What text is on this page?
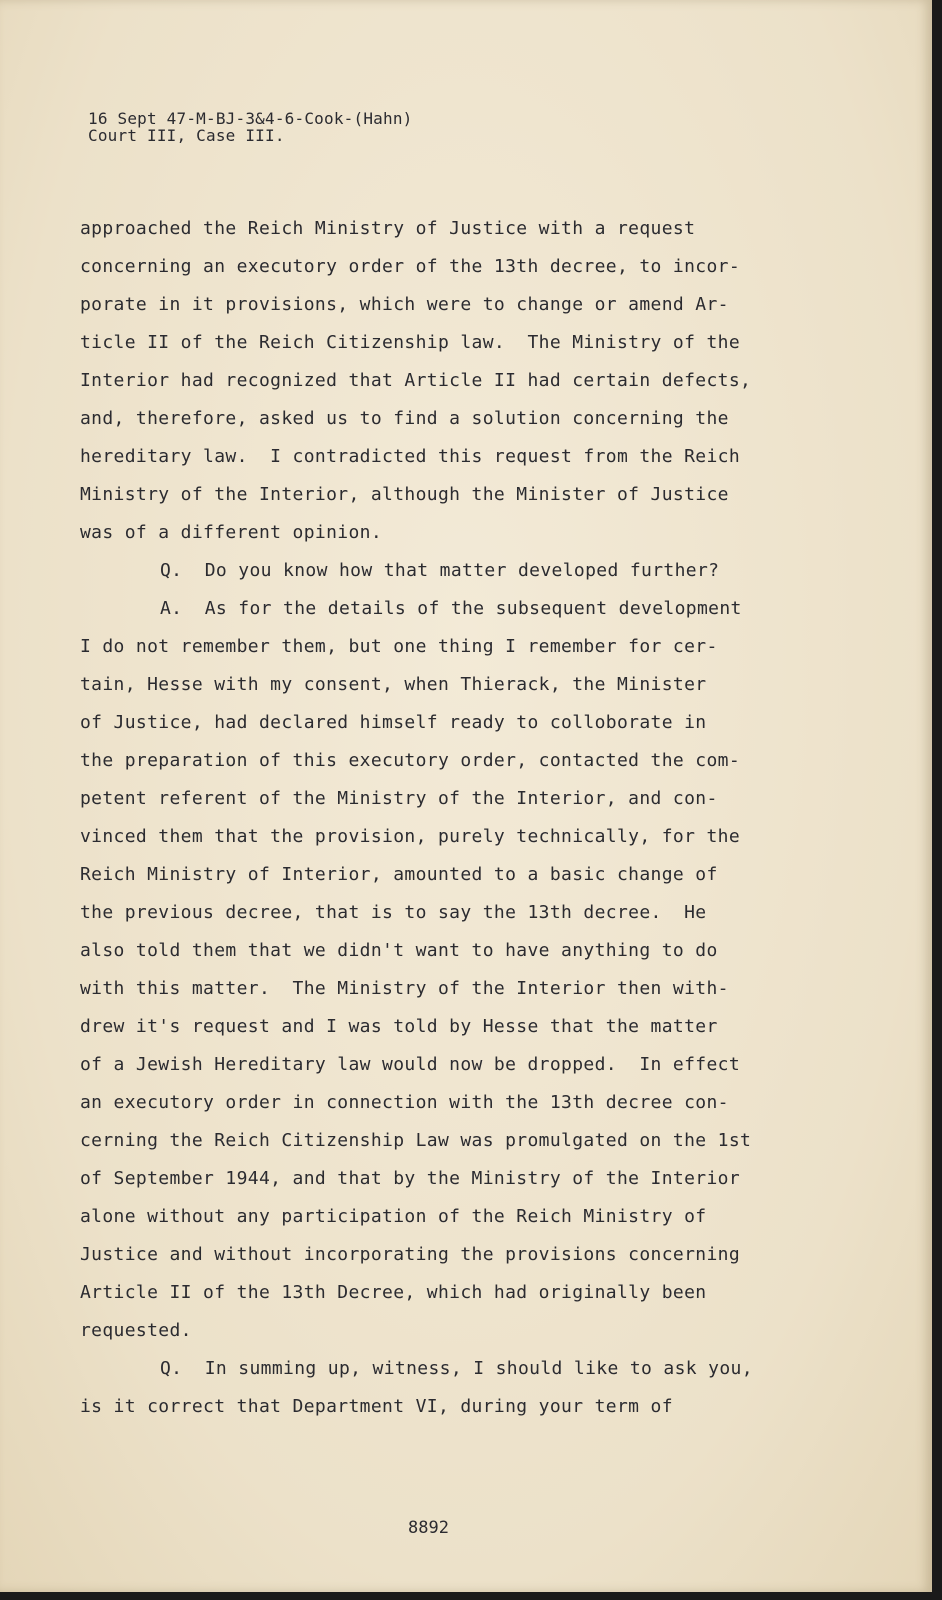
16 Sept 47-M-BJ-3&4-6-Cook-(Hahn)
Court III, Case III.
approached the Reich Ministry of Justice with a request
concerning an executory order of the 13th decree, to incor-
porate in it provisions, which were to change or amend Ar-
ticle II of the Reich Citizenship law.  The Ministry of the
Interior had recognized that Article II had certain defects,
and, therefore, asked us to find a solution concerning the
hereditary law.  I contradicted this request from the Reich
Ministry of the Interior, although the Minister of Justice
was of a different opinion.
Q.  Do you know how that matter developed further?
A.  As for the details of the subsequent development
I do not remember them, but one thing I remember for cer-
tain, Hesse with my consent, when Thierack, the Minister
of Justice, had declared himself ready to colloborate in
the preparation of this executory order, contacted the com-
petent referent of the Ministry of the Interior, and con-
vinced them that the provision, purely technically, for the
Reich Ministry of Interior, amounted to a basic change of
the previous decree, that is to say the 13th decree.  He
also told them that we didn't want to have anything to do
with this matter.  The Ministry of the Interior then with-
drew it's request and I was told by Hesse that the matter
of a Jewish Hereditary law would now be dropped.  In effect
an executory order in connection with the 13th decree con-
cerning the Reich Citizenship Law was promulgated on the 1st
of September 1944, and that by the Ministry of the Interior
alone without any participation of the Reich Ministry of
Justice and without incorporating the provisions concerning
Article II of the 13th Decree, which had originally been
requested.
Q.  In summing up, witness, I should like to ask you,
is it correct that Department VI, during your term of
8892
